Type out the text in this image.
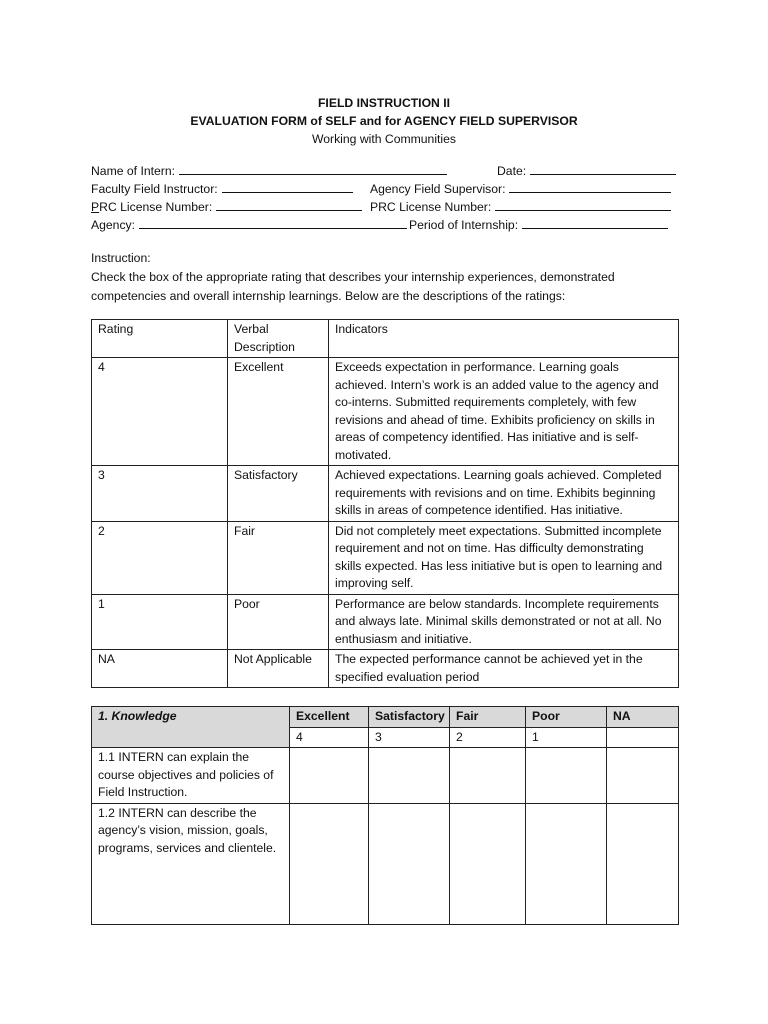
FIELD INSTRUCTION II
EVALUATION FORM of SELF and for AGENCY FIELD SUPERVISOR
Working with Communities
Name of Intern:	Date:
Faculty Field Instructor:	Agency Field Supervisor:
PRC License Number:	PRC License Number:
Agency:	Period of Internship:
Instruction:
Check the box of the appropriate rating that describes your internship experiences, demonstrated
competencies and overall internship learnings. Below are the descriptions of the ratings:
Rating	Verbal Description	Indicators
4	Excellent	Exceeds expectation in performance. Learning goals achieved. Intern’s work is an added value to the agency and co-interns. Submitted requirements completely, with few revisions and ahead of time. Exhibits proficiency on skills in areas of competency identified. Has initiative and is self-motivated.
3	Satisfactory	Achieved expectations. Learning goals achieved. Completed requirements with revisions and on time. Exhibits beginning skills in areas of competence identified. Has initiative.
2	Fair	Did not completely meet expectations. Submitted incomplete requirement and not on time. Has difficulty demonstrating skills expected. Has less initiative but is open to learning and improving self.
1	Poor	Performance are below standards. Incomplete requirements and always late. Minimal skills demonstrated or not at all. No enthusiasm and initiative.
NA	Not Applicable	The expected performance cannot be achieved yet in the specified evaluation period
1. Knowledge	Excellent	Satisfactory	Fair	Poor	NA
	4	3	2	1	
1.1 INTERN can explain the course objectives and policies of Field Instruction.					
1.2 INTERN can describe the agency’s vision, mission, goals, programs, services and clientele.					
